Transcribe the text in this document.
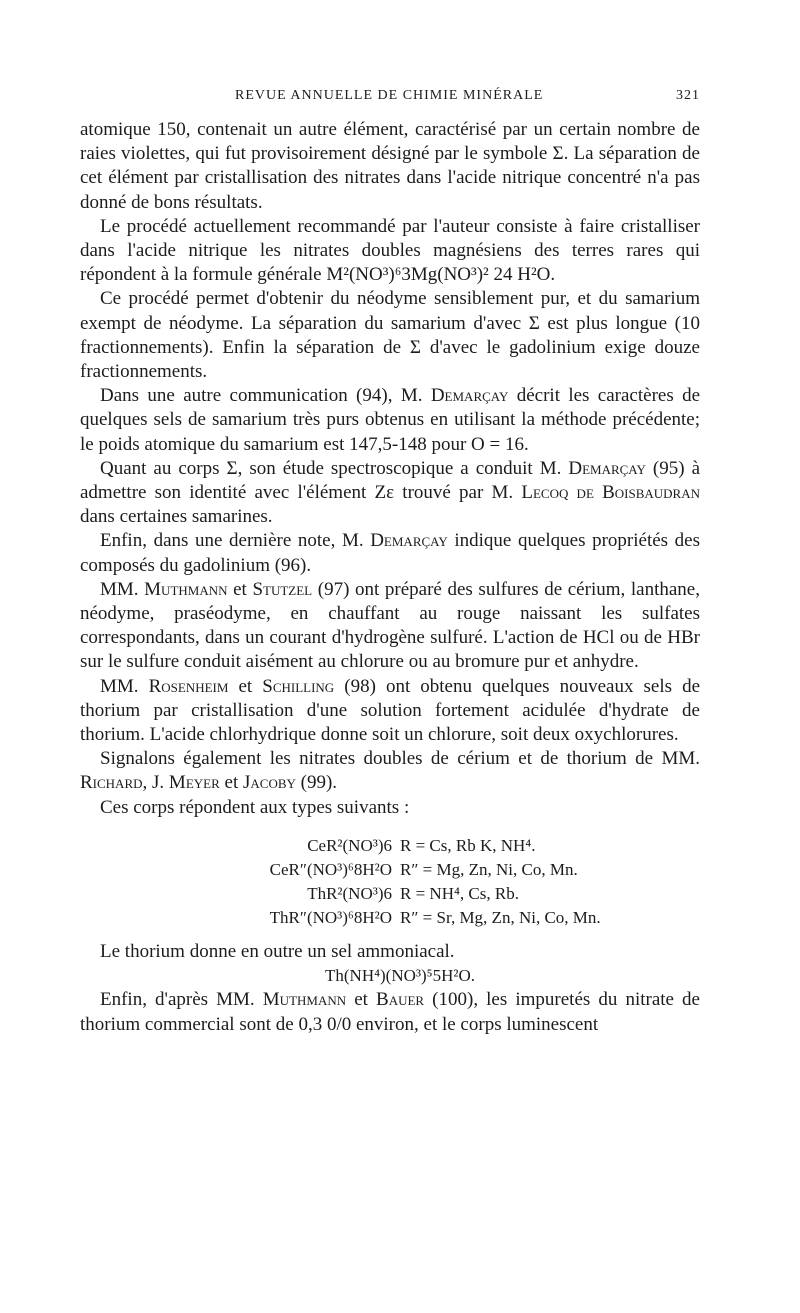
REVUE ANNUELLE DE CHIMIE MINÉRALE	321

atomique 150, contenait un autre élément, caractérisé par un certain nombre de raies violettes, qui fut provisoirement désigné par le symbole Σ. La séparation de cet élément par cristallisation des nitrates dans l'acide nitrique concentré n'a pas donné de bons résultats.

Le procédé actuellement recommandé par l'auteur consiste à faire cristalliser dans l'acide nitrique les nitrates doubles magnésiens des terres rares qui répondent à la formule générale M²(NO³)⁶3Mg(NO³)² 24 H²O.

Ce procédé permet d'obtenir du néodyme sensiblement pur, et du samarium exempt de néodyme. La séparation du samarium d'avec Σ est plus longue (10 fractionnements). Enfin la séparation de Σ d'avec le gadolinium exige douze fractionnements.

Dans une autre communication (94), M. Demarçay décrit les caractères de quelques sels de samarium très purs obtenus en utilisant la méthode précédente; le poids atomique du samarium est 147,5-148 pour O = 16.

Quant au corps Σ, son étude spectroscopique a conduit M. Demarçay (95) à admettre son identité avec l'élément Zε trouvé par M. Lecoq de Boisbaudran dans certaines samarines.

Enfin, dans une dernière note, M. Demarçay indique quelques propriétés des composés du gadolinium (96).

MM. Muthmann et Stutzel (97) ont préparé des sulfures de cérium, lanthane, néodyme, praséodyme, en chauffant au rouge naissant les sulfates correspondants, dans un courant d'hydrogène sulfuré. L'action de HCl ou de HBr sur le sulfure conduit aisément au chlorure ou au bromure pur et anhydre.

MM. Rosenheim et Schilling (98) ont obtenu quelques nouveaux sels de thorium par cristallisation d'une solution fortement acidulée d'hydrate de thorium. L'acide chlorhydrique donne soit un chlorure, soit deux oxychlorures.

Signalons également les nitrates doubles de cérium et de thorium de MM. Richard, J. Meyer et Jacoby (99).

Ces corps répondent aux types suivants :

CeR²(NO³)6 R = Cs, Rb K, NH⁴.
CeR″(NO³)⁶8H²O R″ = Mg, Zn, Ni, Co, Mn.
ThR²(NO³)6 R = NH⁴, Cs, Rb.
ThR″(NO³)⁶8H²O R″ = Sr, Mg, Zn, Ni, Co, Mn.

Le thorium donne en outre un sel ammoniacal.

Th(NH⁴)(NO³)⁵5H²O.

Enfin, d'après MM. Muthmann et Bauer (100), les impuretés du nitrate de thorium commercial sont de 0,3 0/0 environ, et le corps luminescent
